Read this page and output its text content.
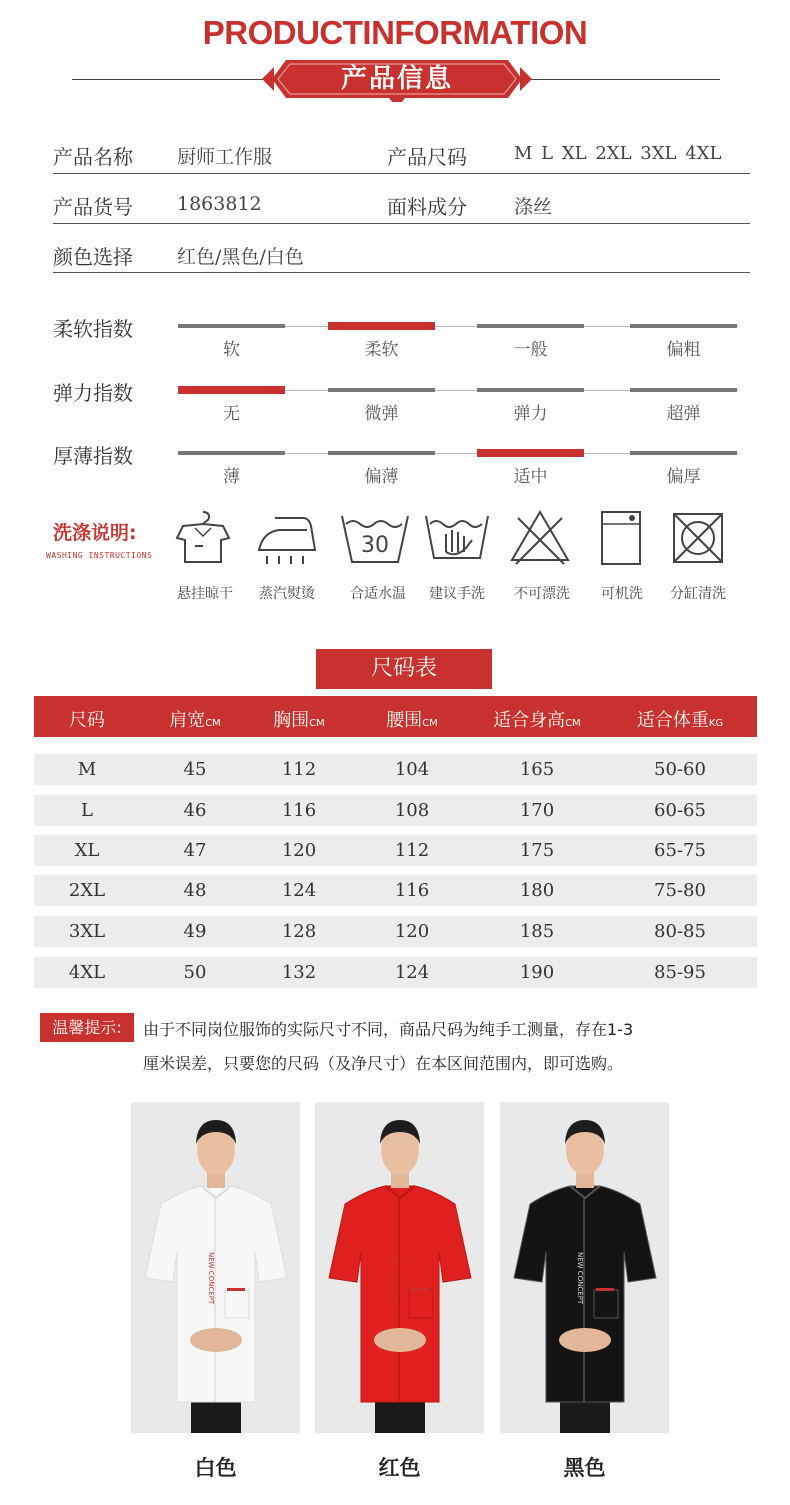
PRODUCTINFORMATION
产品信息
产品名称 厨师工作服	产品尺码	M L XL 2XL 3XL 4XL
产品货号 1863812	面料成分 涤丝
颜色选择 红色/黑色/白色
柔软指数
软	柔软	一般	偏粗
弹力指数
无	微弹	弹力	超弹
厚薄指数
薄	偏薄	适中	偏厚
洗涤说明:
WASHING INSTRUCTIONS	30
悬挂晾干	蒸汽熨烫	合适水温	建议手洗	不可漂洗	可机洗	分缸清洗
尺码表
尺码	肩宽CM	胸围CM	腰围CM	适合身高CM	适合体重KG
M	45	112	104	165	50-60
L	46	116	108	170	60-65
XL	47	120	112	175	65-75
2XL	48	124	116	180	75-80
3XL	49	128	120	185	80-85
4XL	50	132	124	190	85-95
温馨提示:	由于不同岗位服饰的实际尺寸不同，商品尺码为纯手工测量，存在1-3
厘米误差，只要您的尺码（及净尺寸）在本区间范围内，即可选购。
NEW CONCEPT
白色
NEW CONCEPT
红色
NEW CONCEPT
黑色
